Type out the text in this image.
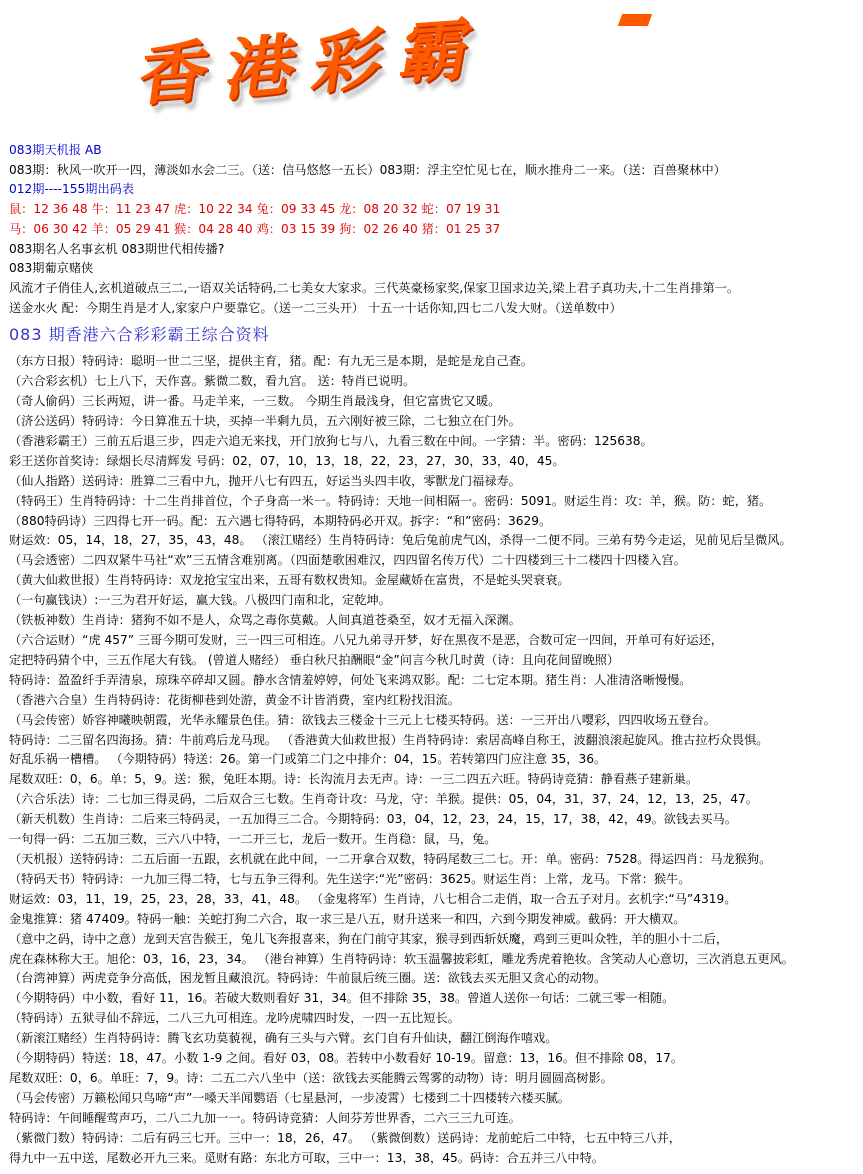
香 港 彩 霸
083期天机报 AB
083期：秋风一吹开一四，薄淡如水会二三。（送：信马悠悠一五长）083期：浮主空忙见七在，顺水推舟二一来。（送：百兽聚林中）
012期----155期出码表
鼠：12 36 48 牛：11 23 47 虎：10 22 34 兔：09 33 45 龙：08 20 32 蛇：07 19 31
马：06 30 42 羊：05 29 41 猴：04 28 40 鸡：03 15 39 狗：02 26 40 猪：01 25 37
083期名人名事玄机 083期世代相传播?
083期葡京赌侠
风流才子俏佳人,玄机道破点三二,一语双关话特码,二七美女大家求。三代英豪杨家奖,保家卫国求边关,梁上君子真功夫,十二生肖排第一。
送金水火 配：今期生肖是才人,家家户户要靠它。（送一二三头开） 十五一十话你知,四七二八发大财。（送单数中）
083 期香港六合彩彩霸王综合资料
（东方日报）特码诗：聪明一世二三坚，提供主育，猪。配：有九无三是本期，是蛇是龙自己查。
（六合彩玄机）七上八下，天作喜。紫微二数，看九宫。 送：特肖已说明。
（奇人偷码）三长两短，讲一番。马走羊来，一三数。 今期生肖最浅身，但它富贵它又暖。
（济公送码）特码诗：今日算准五十块，买掉一半剩九员，五六刚好被三除，二七独立在门外。
（香港彩霸王）三前五后退三步，四走六追无来找，开门放狗七与八，九看三数在中间。一字猜：半。密码：125638。
彩王送你首奖诗：绿烟长尽清辉发 号码：02，07，10，13，18，22，23，27，30，33，40，45。
（仙人指路）送码诗：胜算二三看中九，抛开八七有四五，好运当头四丰收，零獸龙门福禄寿。
（特码王）生肖特码诗：十二生肖排首位，个子身高一米一。特码诗：天地一间相隔一。密码：5091。财运生肖：攻：羊，猴。防：蛇，猪。
（880特码诗）三四得七开一码。配：五六遇七得特码，本期特码必开双。拆字：“和”密码：3629。
财运效：05，14，18，27，35，43，48。 （滚江赌经）生肖特码诗：兔后兔前虎气凶，杀得一二便不同。三弟有势今走运，见前见后呈微风。
（马会透密）二四双紧牛马社“欢”三五情含难别离。（四面楚歌困难汉，四四留名传万代）二十四楼到三十二楼四十四楼入宫。
（黄大仙救世报）生肖特码诗：双龙抢宝宝出来，五哥有数权贵知。金屋藏娇在富贵，不是蛇头哭衰衰。
（一句赢钱诀）:一三为君开好运，赢大钱。八极四门南和北，定乾坤。
（铁板神数）生肖诗：猪狗不如不是人，众骂之毒你莫戴。人间真道苍桑至，奴才无福入深渊。
（六合运财）“虎 457” 三哥今期可发财，三一四三可相连。八兄九弟寻开梦，好在黑夜不是恶，合数可定一四间，开单可有好运还，
定把特码猜个中，三五作尾大有钱。 (曾道人赌经） 垂白秋尺拍酬眼“金”问言今秋几时黄（诗：且向花间留晚照）
特码诗：盈盈纤手弄清泉，琼珠卒碎却又圆。静水含情羞婷婷，何处飞来鸿双影。配：二七定本期。猪生肖：人准清洛晰慢慢。
（香港六合皇）生肖特码诗：花街柳巷到处游，黄金不计皆消费，室内红粉找泪流。
（马会传密）娇容神曦映朝霞，光华永耀景色佳。猜：欲钱去三楼金十三元上七楼买特码。送：一三开出八嘤彩，四四收场五登台。
特码诗：二三留名四海扬。猜：牛前鸡后龙马现。 （香港黄大仙救世报）生肖特码诗：索居高峰自称王，波翻浪滚起旋风。推古拉朽众畏惧。
好乱乐祸一槽槽。 （今期特码）特送：26。第一门或第二门之中排介：04，15。若转第四门应注意 35，36。
尾数双旺：0，6。单：5，9。送：猴，兔旺本期。诗：长沟流月去无声。诗：一三二四五六旺。特码诗竞猜：静看燕子建新巢。
（六合乐法）诗：二七加三得灵码，二后双合三七数。生肖奇计攻：马龙，守：羊猴。提供：05，04，31，37，24，12，13，25，47。
（新天机数）生肖诗：二后来三特码灵，一五加得三二合。今期特码：03，04，12，23，24，15，17，38，42，49。欲钱去买马。
一句得一码：二五加三数，三六八中特，一二开三七，龙后一数开。生肖稳：鼠，马，兔。
（天机报）送特码诗：二五后面一五跟，玄机就在此中间，一二开拿合双数，特码尾数三二七。开：单。密码：7528。得运四肖：马龙猴狗。
（特码天书）特码诗：一九加三得二特，七与五争三得利。先生送字:“光”密码：3625。财运生肖：上常，龙马。下常：猴牛。
财运效：03，11，19，25，23，28，33，41，48。 （金鬼将军）生肖诗，八七相合二走俏，取一合五子对月。玄机字:“马”4319。
金鬼推算：猪 47409。特码一触：关蛇打狗二六合，取一求三是八五，财升送来一和四，六到今期发神威。截码：开大横双。
（意中之码，诗中之意）龙到天宫告猴王，兔儿飞奔报喜来，狗在门前守其家，猴寻到西斩妖魔，鸡到三更叫众牲，羊的胆小十二后，
虎在森林称大王。旭伦：03，16，23，34。 （港台神算）生肖特码诗：软玉温馨披彩虹，雕龙秀虎着艳妆。含笑动人心意切，三次消息五更风。
（台湾神算）两虎竞争分高低，困龙暂且藏浪沉。特码诗：牛前鼠后统三圈。送：欲钱去买无胆又贪心的动物。
（今期特码）中小数，看好 11，16。若破大数则看好 31，34。但不排除 35，38。曾道人送你一句话：二就三零一相随。
（特码诗）五狱寻仙不辞远，二八三九可相连。龙吟虎啸四时发，一四一五比短长。
（新滚江赌经）生肖特码诗：腾飞玄功莫藐视，确有三头与六臂。玄门自有升仙诀，翻江倒海作嘻戏。
（今期特码）特送：18，47。小数 1-9 之间。看好 03，08。若转中小数看好 10-19。留意：13，16。但不排除 08，17。
尾数双旺：0，6。单旺：7，9。诗：二五二六八坐中（送：欲钱去买能腾云驾雾的动物）诗：明月圆圆高树影。
（马会传密）万籁松闻只鸟啼“声”一嗓天半闻鹦语（七星悬河，一步凌霄）七楼到二十四楼转六楼买腻。
特码诗：午间睡醒莺声巧，二八二九加一一。特码诗竞猜：人间芬芳世界香，二六三三九可连。
（紫微门数）特码诗：二后有码三七开。三中一：18，26，47。 （紫微倒数）送码诗：龙前蛇后二中特，七五中特三八并，
得九中一五中送，尾数必开九三来。觅财有路：东北方可取，三中一：13，38，45。码诗：合五并三八中特。
